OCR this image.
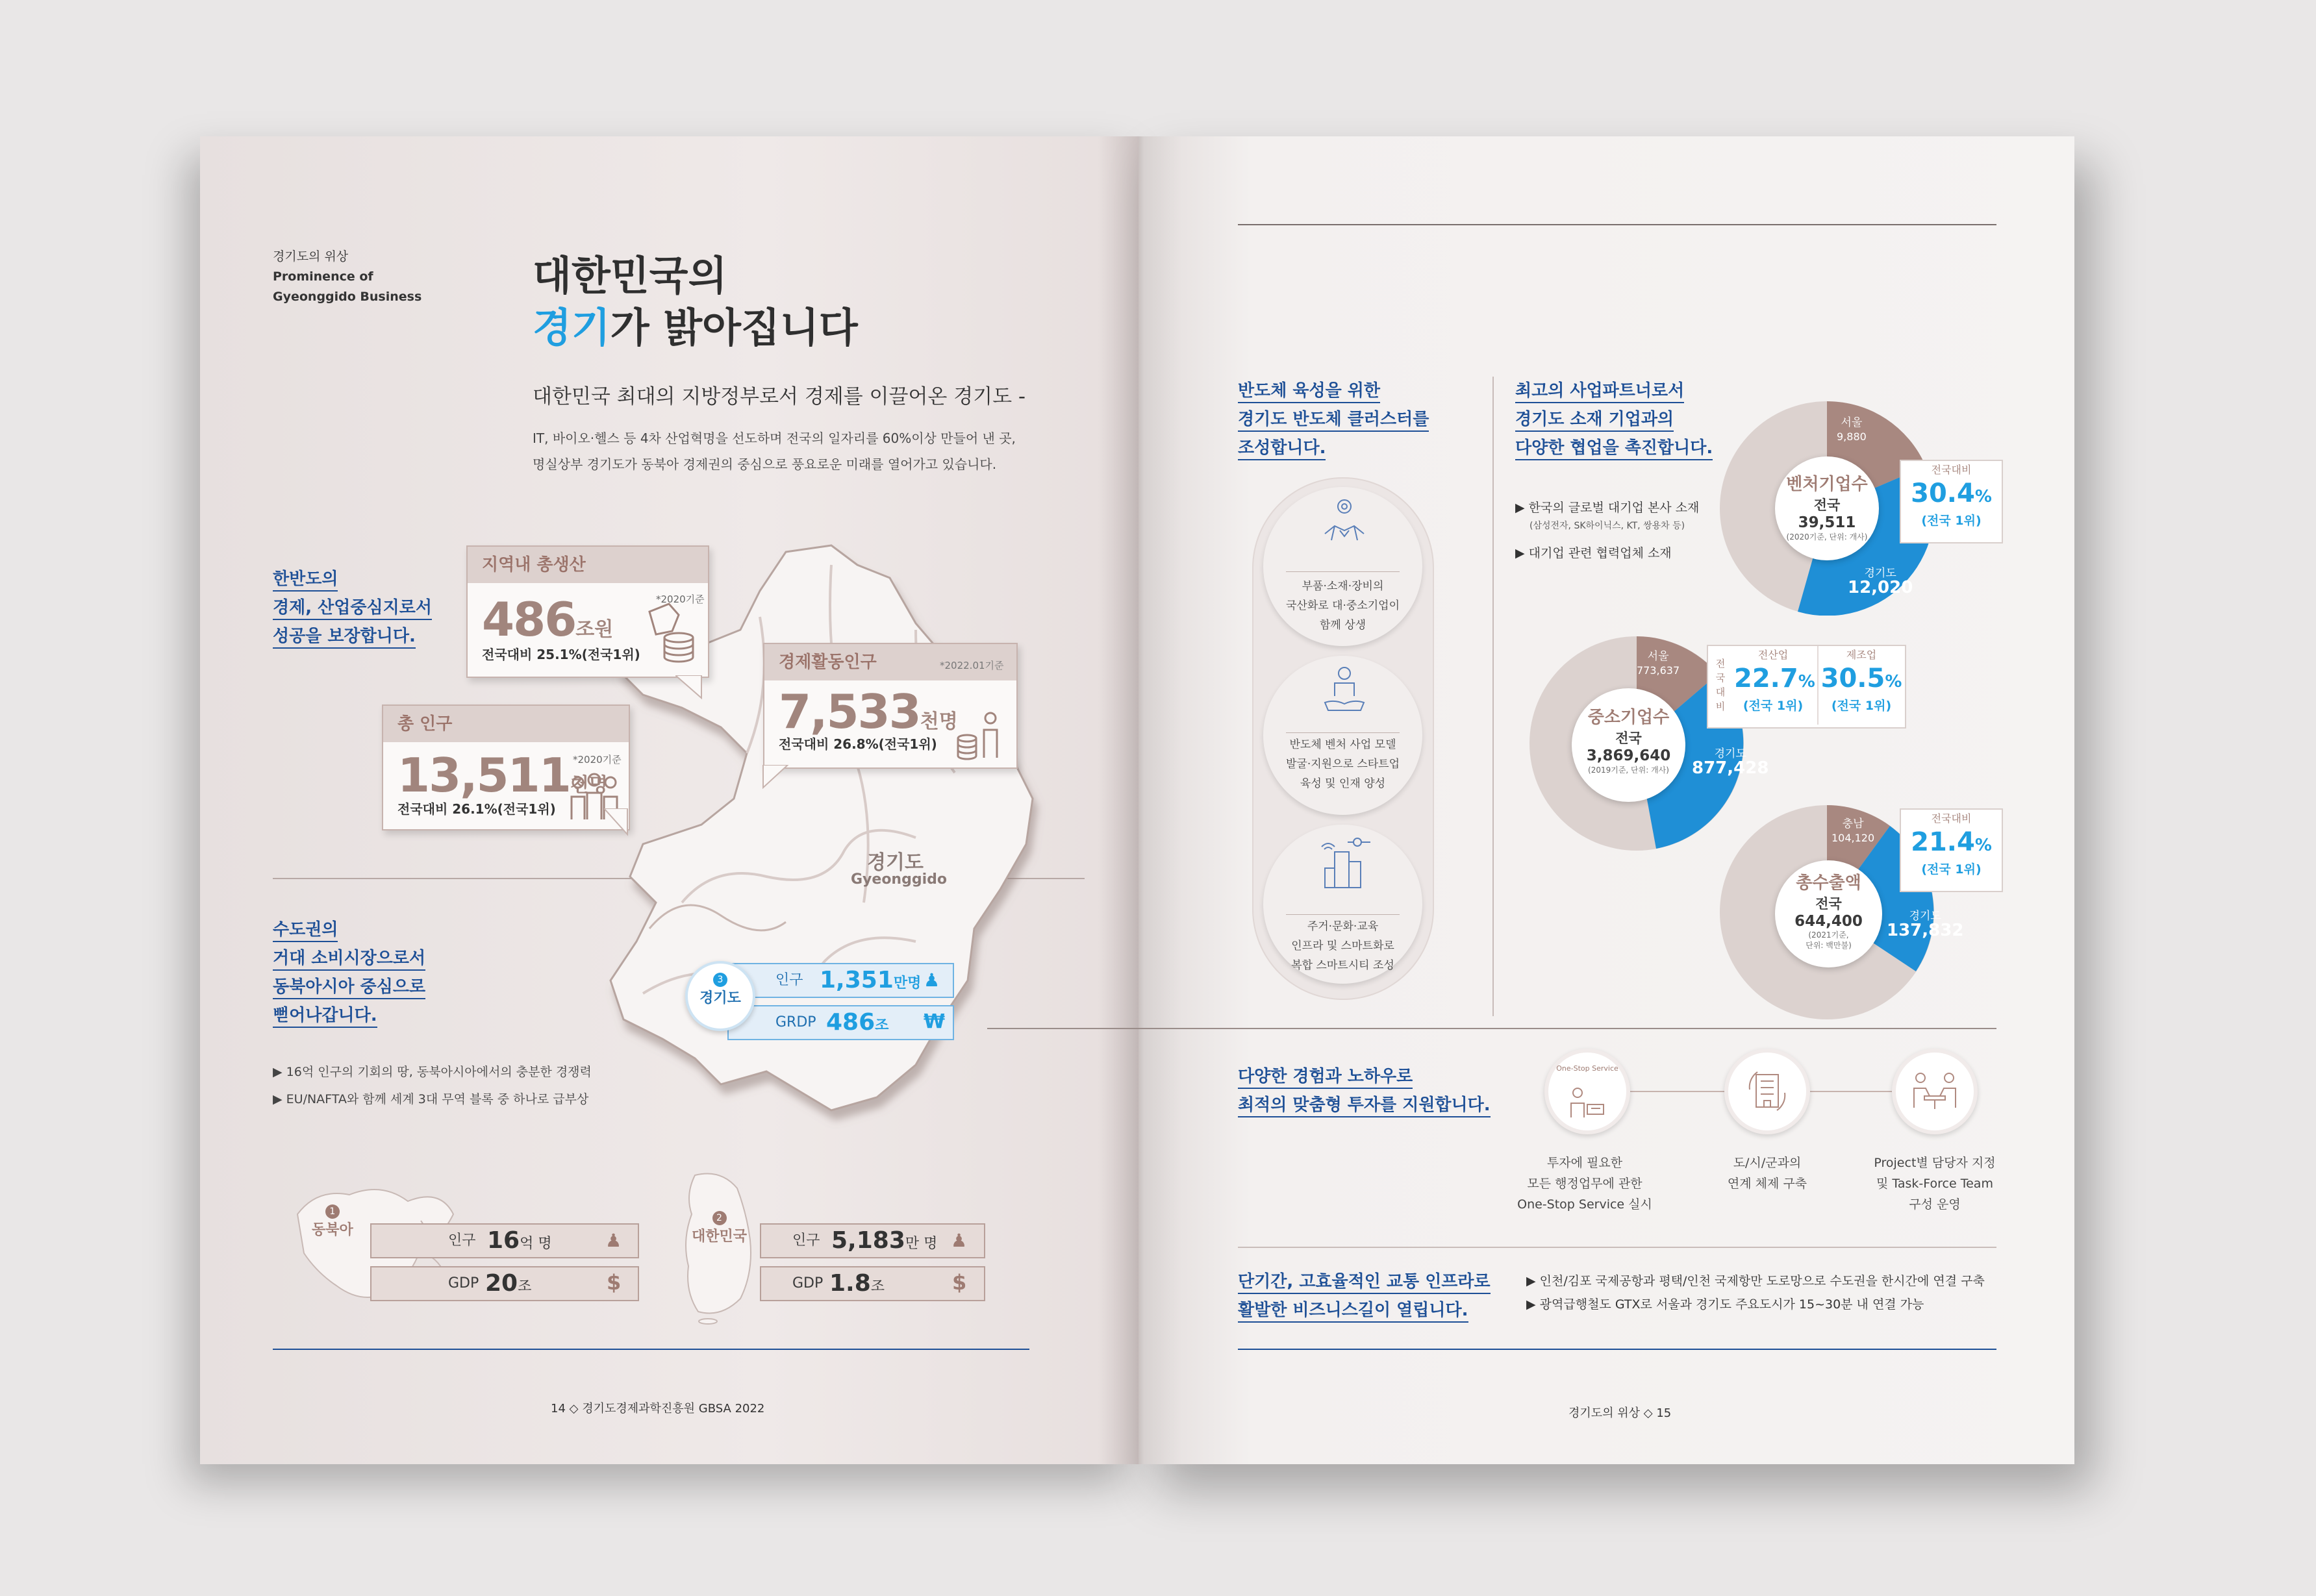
경기도의 위상
Prominence of
Gyeonggido Business	대한민국의
경기가 밝아집니다
대한민국 최대의 지방정부로서 경제를 이끌어온 경기도 -
IT, 바이오·헬스 등 4차 산업혁명을 선도하며 전국의 일자리를 60%이상 만들어 낸 곳,
명실상부 경기도가 동북아 경제권의 중심으로 풍요로운 미래를 열어가고 있습니다.
한반도의
경제, 산업중심지로서
성공을 보장합니다.
수도권의
거대 소비시장으로서
동북아시아 중심으로
뻗어나갑니다.
▶ 16억 인구의 기회의 땅, 동북아시아에서의 충분한 경쟁력
▶ EU/NAFTA와 함께 세계 3대 무역 블록 중 하나로 급부상
경기도
Gyeonggido
지역내 총생산
*2020기준
486조원
전국대비 25.1%(전국1위)
총 인구
*2020기준
13,511천명
전국대비 26.1%(전국1위)
경제활동인구	*2022.01기준
7,533천명
전국대비 26.8%(전국1위)
3
경기도
인구 1,351만명 ♟
GRDP 486조 ₩
1
동북아
인구 16억 명	♟
GDP 20조	$
2
대한민국	인구 5,183만 명 ♟
GDP 1.8조	$
14 ◇ 경기도경제과학진흥원 GBSA 2022
반도체 육성을 위한
경기도 반도체 클러스터를
조성합니다.
부품·소재·장비의
국산화로 대·중소기업이
함께 상생
반도체 벤처 사업 모델
발굴·지원으로 스타트업
육성 및 인재 양성
주거·문화·교육
인프라 및 스마트화로
복합 스마트시티 조성
최고의 사업파트너로서
경기도 소재 기업과의
다양한 협업을 촉진합니다.
▶ 한국의 글로벌 대기업 본사 소재
(삼성전자, SK하이닉스, KT, 쌍용차 등)
▶ 대기업 관련 협력업체 소재
서울
9,880
경기도
12,020
벤처기업수
전국
39,511
(2020기준, 단위: 개사)
전국대비
30.4%
(전국 1위)
서울
773,637
경기도
877,428
중소기업수
전국
3,869,640
(2019기준, 단위: 개사)
전국대비
전산업
22.7%
(전국 1위)
제조업
30.5%
(전국 1위)
충남
104,120
경기도
137,832
총수출액
전국
644,400
(2021기준,
단위: 백만불)
전국대비
21.4%
(전국 1위)
다양한 경험과 노하우로
최적의 맞춤형 투자를 지원합니다.
One-Stop Service
투자에 필요한
모든 행정업무에 관한
One-Stop Service 실시
도/시/군과의
연계 체제 구축
Project별 담당자 지정
및 Task-Force Team
구성 운영
단기간, 고효율적인 교통 인프라로
활발한 비즈니스길이 열립니다.
▶ 인천/김포 국제공항과 평택/인천 국제항만 도로망으로 수도권을 한시간에 연결 구축
▶ 광역급행철도 GTX로 서울과 경기도 주요도시가 15~30분 내 연결 가능
경기도의 위상 ◇ 15
